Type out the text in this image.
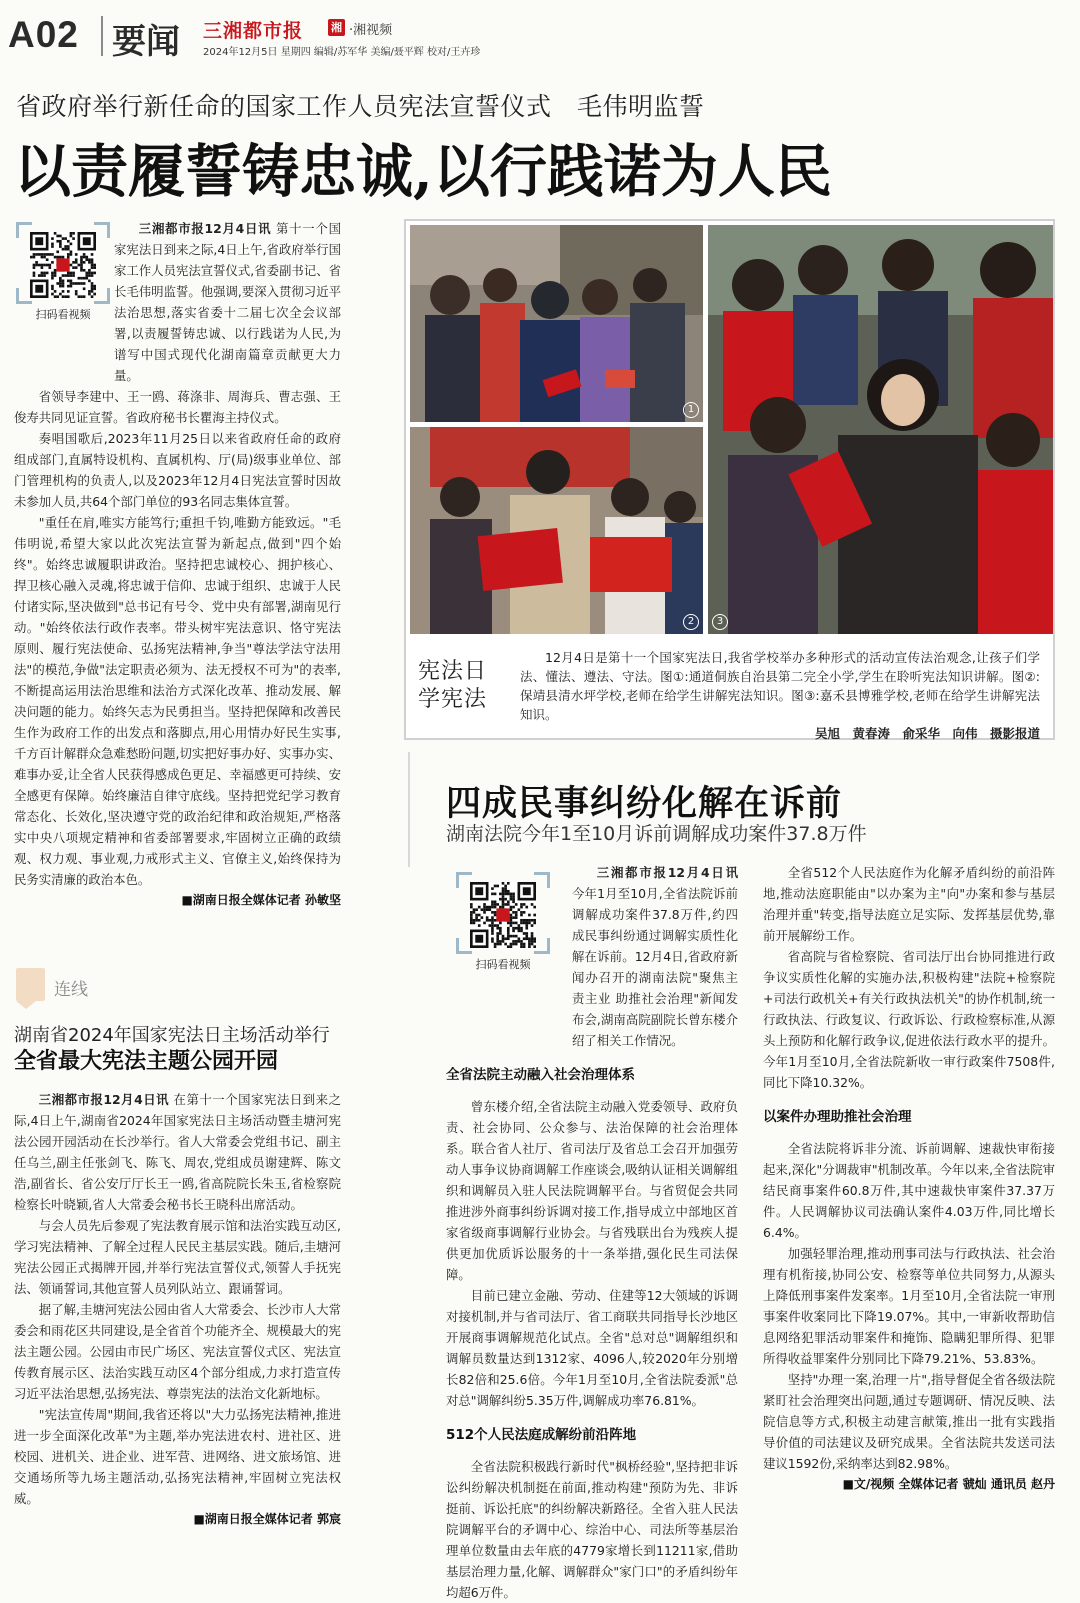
A02 要闻 三湘都市报	湘 ·湘视频
2024年12月5日 星期四 编辑/苏军华 美编/聂平辉 校对/王卉珍
省政府举行新任命的国家工作人员宪法宣誓仪式　毛伟明监誓
以责履誓铸忠诚,以行践诺为人民
扫码看视频

三湘都市报12月4日讯 第十一个国家宪法日到来之际,4日上午,省政府举行国家工作人员宪法宣誓仪式,省委副书记、省长毛伟明监誓。他强调,要深入贯彻习近平法治思想,落实省委十二届七次全会议部署,以责履誓铸忠诚、以行践诺为人民,为谱写中国式现代化湖南篇章贡献更大力量。

省领导李建中、王一鸥、蒋涤非、周海兵、曹志强、王俊寿共同见证宣誓。省政府秘书长瞿海主持仪式。

奏唱国歌后,2023年11月25日以来省政府任命的政府组成部门,直属特设机构、直属机构、厅(局)级事业单位、部门管理机构的负责人,以及2023年12月4日宪法宣誓时因故未参加人员,共64个部门单位的93名同志集体宣誓。

"重任在肩,唯实方能笃行;重担千钧,唯勤方能致远。"毛伟明说,希望大家以此次宪法宣誓为新起点,做到"四个始终"。始终忠诚履职讲政治。坚持把忠诚校心、拥护核心、捍卫核心融入灵魂,将忠诚于信仰、忠诚于组织、忠诚于人民付诸实际,坚决做到"总书记有号令、党中央有部署,湖南见行动。"始终依法行政作表率。带头树牢宪法意识、恪守宪法原则、履行宪法使命、弘扬宪法精神,争当"尊法学法守法用法"的模范,争做"法定职责必须为、法无授权不可为"的表率,不断提高运用法治思维和法治方式深化改革、推动发展、解决问题的能力。始终矢志为民勇担当。坚持把保障和改善民生作为政府工作的出发点和落脚点,用心用情办好民生实事,千方百计解群众急难愁盼问题,切实把好事办好、实事办实、难事办妥,让全省人民获得感成色更足、幸福感更可持续、安全感更有保障。始终廉洁自律守底线。坚持把党纪学习教育常态化、长效化,坚决遵守党的政治纪律和政治规矩,严格落实中央八项规定精神和省委部署要求,牢固树立正确的政绩观、权力观、事业观,力戒形式主义、官僚主义,始终保持为民务实清廉的政治本色。

■湖南日报全媒体记者 孙敏坚
1
2	3
宪法日
学宪法
12月4日是第十一个国家宪法日,我省学校举办多种形式的活动宣传法治观念,让孩子们学法、懂法、遵法、守法。图①:通道侗族自治县第二完全小学,学生在聆听宪法知识讲解。图②:保靖县清水坪学校,老师在给学生讲解宪法知识。图③:嘉禾县博雅学校,老师在给学生讲解宪法知识。
吴旭　黄春涛　俞采华　向伟　摄影报道
连线
湖南省2024年国家宪法日主场活动举行
全省最大宪法主题公园开园

三湘都市报12月4日讯 在第十一个国家宪法日到来之际,4日上午,湖南省2024年国家宪法日主场活动暨圭塘河宪法公园开园活动在长沙举行。省人大常委会党组书记、副主任乌兰,副主任张剑飞、陈飞、周农,党组成员谢建辉、陈文浩,副省长、省公安厅厅长王一鸥,省高院院长朱玉,省检察院检察长叶晓颖,省人大常委会秘书长王晓科出席活动。

与会人员先后参观了宪法教育展示馆和法治实践互动区,学习宪法精神、了解全过程人民民主基层实践。随后,圭塘河宪法公园正式揭牌开园,并举行宪法宣誓仪式,领誓人手抚宪法、领诵誓词,其他宣誓人员列队站立、跟诵誓词。

据了解,圭塘河宪法公园由省人大常委会、长沙市人大常委会和雨花区共同建设,是全省首个功能齐全、规模最大的宪法主题公园。公园由市民广场区、宪法宣誓仪式区、宪法宣传教育展示区、法治实践互动区4个部分组成,力求打造宣传习近平法治思想,弘扬宪法、尊崇宪法的法治文化新地标。

"宪法宣传周"期间,我省还将以"大力弘扬宪法精神,推进进一步全面深化改革"为主题,举办宪法进农村、进社区、进校园、进机关、进企业、进军营、进网络、进文旅场馆、进交通场所等九场主题活动,弘扬宪法精神,牢固树立宪法权威。

■湖南日报全媒体记者 郭宸
四成民事纠纷化解在诉前
湖南法院今年1至10月诉前调解成功案件37.8万件
扫码看视频

三湘都市报12月4日讯 今年1月至10月,全省法院诉前调解成功案件37.8万件,约四成民事纠纷通过调解实质性化解在诉前。12月4日,省政府新闻办召开的湖南法院"聚焦主责主业 助推社会治理"新闻发布会,湖南高院副院长曾东楼介绍了相关工作情况。

全省法院主动融入社会治理体系

曾东楼介绍,全省法院主动融入党委领导、政府负责、社会协同、公众参与、法治保障的社会治理体系。联合省人社厅、省司法厅及省总工会召开加强劳动人事争议协商调解工作座谈会,吸纳认证相关调解组织和调解员入驻人民法院调解平台。与省贸促会共同推进涉外商事纠纷诉调对接工作,指导成立中部地区首家省级商事调解行业协会。与省残联出台为残疾人提供更加优质诉讼服务的十一条举措,强化民生司法保障。

目前已建立金融、劳动、住建等12大领域的诉调对接机制,并与省司法厅、省工商联共同指导长沙地区开展商事调解规范化试点。全省"总对总"调解组织和调解员数量达到1312家、4096人,较2020年分别增长82倍和25.6倍。今年1月至10月,全省法院委派"总对总"调解纠纷5.35万件,调解成功率76.81%。

512个人民法庭成解纷前沿阵地

全省法院积极践行新时代"枫桥经验",坚持把非诉讼纠纷解决机制挺在前面,推动构建"预防为先、非诉挺前、诉讼托底"的纠纷解决新路径。全省入驻人民法院调解平台的矛调中心、综治中心、司法所等基层治理单位数量由去年底的4779家增长到11211家,借助基层治理力量,化解、调解群众"家门口"的矛盾纠纷年均超6万件。

全省512个人民法庭作为化解矛盾纠纷的前沿阵地,推动法庭职能由"以办案为主"向"办案和参与基层治理并重"转变,指导法庭立足实际、发挥基层优势,靠前开展解纷工作。

省高院与省检察院、省司法厅出台协同推进行政争议实质性化解的实施办法,积极构建"法院+检察院+司法行政机关+有关行政执法机关"的协作机制,统一行政执法、行政复议、行政诉讼、行政检察标准,从源头上预防和化解行政争议,促进依法行政水平的提升。今年1月至10月,全省法院新收一审行政案件7508件,同比下降10.32%。

以案件办理助推社会治理

全省法院将诉非分流、诉前调解、速裁快审衔接起来,深化"分调裁审"机制改革。今年以来,全省法院审结民商事案件60.8万件,其中速裁快审案件37.37万件。人民调解协议司法确认案件4.03万件,同比增长6.4%。

加强轻罪治理,推动刑事司法与行政执法、社会治理有机衔接,协同公安、检察等单位共同努力,从源头上降低刑事案件发案率。1月至10月,全省法院一审刑事案件收案同比下降19.07%。其中,一审新收帮助信息网络犯罪活动罪案件和掩饰、隐瞒犯罪所得、犯罪所得收益罪案件分别同比下降79.21%、53.83%。

坚持"办理一案,治理一片",指导督促全省各级法院紧盯社会治理突出问题,通过专题调研、情况反映、法院信息等方式,积极主动建言献策,推出一批有实践指导价值的司法建议及研究成果。全省法院共发送司法建议1592份,采纳率达到82.98%。

■文/视频 全媒体记者 虢灿 通讯员 赵丹
